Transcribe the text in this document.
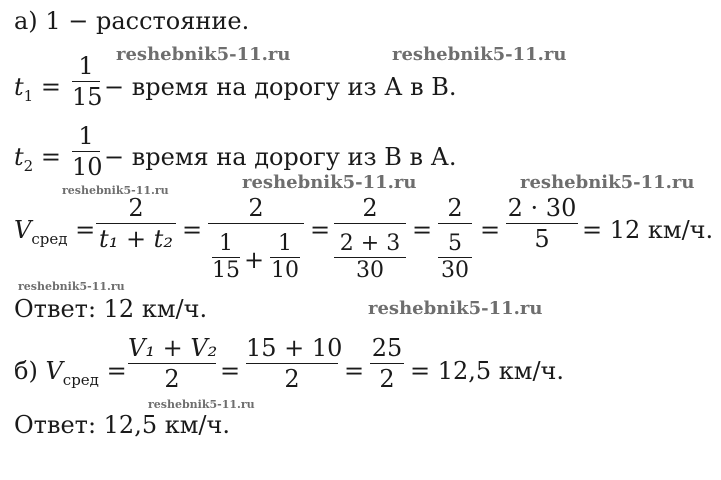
а) 1 − расстояние.
$t_1$ =
1
15 − время на дорогу из А в В.
$t_2$ =
1
10 − время на дорогу из В в А.
$V_{сред}$ =
2
t₁ + t₂ =
2
1
15 +
1
10
=
2
2 + 3
30
=
2
5
30
=
2 · 30
5	= 12 км/ч.
Ответ: 12 км/ч.
б) $V_{сред}$ =
V₁ + V₂
2	=
15 + 10
2	=
25
2 = 12,5 км/ч.
Ответ: 12,5 км/ч.
reshebnik5-11.ru	reshebnik5-11.ru
reshebnik5-11.ru	reshebnik5-11.ru	reshebnik5-11.ru
reshebnik5-11.ru
reshebnik5-11.ru
reshebnik5-11.ru
